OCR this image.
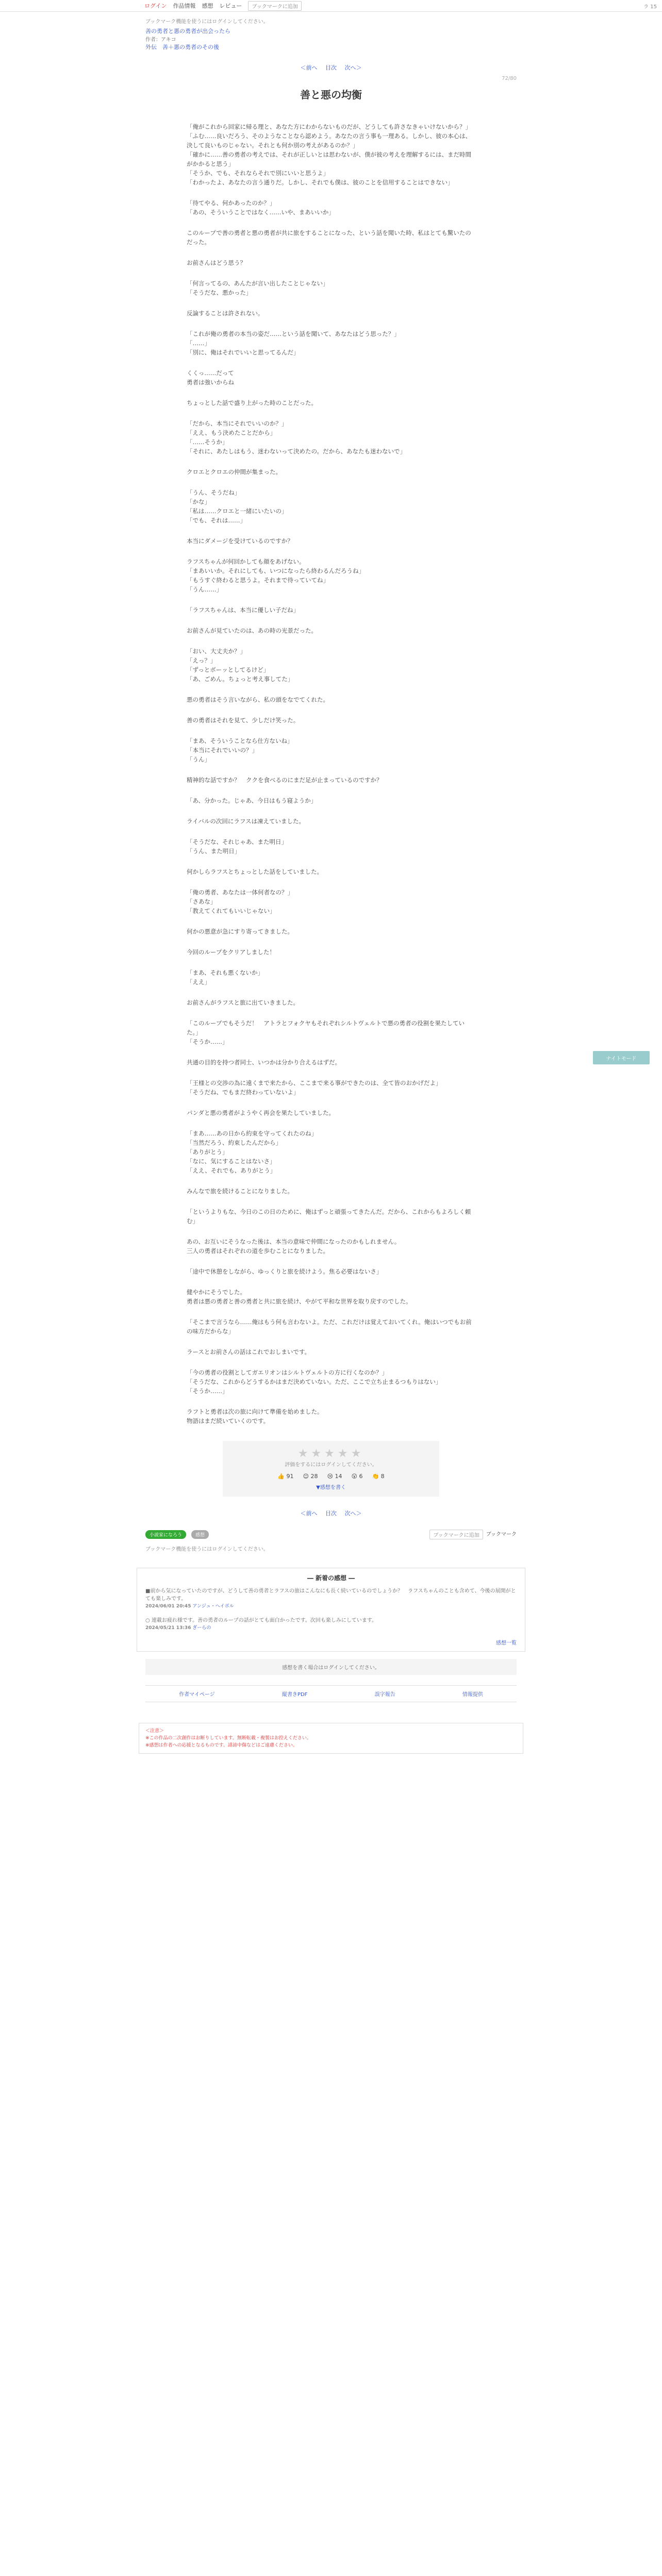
ログイン 作品情報 感想 レビュー	ブックマークに追加	ラ 15
ブックマーク機能を使うにはログインしてください。
善の勇者と悪の勇者が出会ったら
作者：アキコ
外伝　善＋悪の勇者のその後
＜前へ 目次 次へ＞
72/80
善と悪の均衡

「俺がこれから回家に帰る理と、あなた方にわからないものだが、どうしても許さなきゃいけないから？」
「ふむ……良いだろう、そのようなことなら認めよう。あなたの言う事も一理ある。しかし、彼の本心は、決して良いものじゃない。それとも何か別の考えがあるのか？」
「確かに……善の勇者の考えでは、それが正しいとは思わないが、僕が彼の考えを理解するには、まだ時間がかかると思う」
「そうか、でも、それならそれで別にいいと思うよ」
「わかったよ、あなたの言う通りだ。しかし、それでも僕は、彼のことを信用することはできない」

「待てやる、何かあったのか？」
「あの、そういうことではなく……いや、まあいいか」

このループで善の勇者と悪の勇者が共に旅をすることになった、という話を聞いた時、私はとても驚いたのだった。

お前さんはどう思う？

「何言ってるの、あんたが言い出したことじゃない」
「そうだな、悪かった」

反論することは許されない。

「これが俺の勇者の本当の姿だ……という話を聞いて、あなたはどう思った？」
「……」
「別に、俺はそれでいいと思ってるんだ」

くくっ……だって
勇者は強いからね

ちょっとした話で盛り上がった時のことだった。

「だから、本当にそれでいいのか？」
「ええ、もう決めたことだから」
「……そうか」
「それに、あたしはもう、迷わないって決めたの。だから、あなたも迷わないで」

クロエとクロエの仲間が集まった。

「うん、そうだね」
「かな」
「私は……クロエと一緒にいたいの」
「でも、それは……」

本当にダメージを受けているのですか？

ラフスちゃんが何回かしても顔をあげない。
「まあいいか。それにしても、いつになったら終わるんだろうね」
「もうすぐ終わると思うよ。それまで待っていてね」
「うん……」

「ラフスちゃんは、本当に優しい子だね」

お前さんが見ていたのは、あの時の光景だった。

「おい、大丈夫か？」
「えっ？」
「ずっとボーッとしてるけど」
「あ、ごめん。ちょっと考え事してた」

悪の勇者はそう言いながら、私の頭をなでてくれた。

善の勇者はそれを見て、少しだけ笑った。

「まあ、そういうことなら仕方ないね」
「本当にそれでいいの？」
「うん」

精神的な話ですか？　ククを食べるのにまだ足が止まっているのですか？

「あ、分かった。じゃあ、今日はもう寝ようか」

ライバルの次回にラフスは凍えていました。

「そうだな、それじゃあ、また明日」
「うん、また明日」

何かしらラフスとちょっとした話をしていました。

「俺の勇者、あなたは一体何者なの？」
「さあな」
「教えてくれてもいいじゃない」

何かの悪意が急にすり寄ってきました。

今回のループをクリアしました！

「まあ、それも悪くないか」
「ええ」

お前さんがラフスと旅に出ていきました。

「このループでもそうだ！　アトラとフォクヤもそれぞれシルトヴェルトで悪の勇者の役割を果たしていた。」
「そうか……」

共通の目的を持つ者同士、いつかは分かり合えるはずだ。

「王様との交渉の為に遠くまで来たから、ここまで来る事ができたのは、全て皆のおかげだよ」
「そうだね、でもまだ終わっていないよ」

パンダと悪の勇者がようやく再会を果たしていました。

「まあ……あの日から約束を守ってくれたのね」
「当然だろう、約束したんだから」
「ありがとう」
「なに、気にすることはないさ」
「ええ、それでも、ありがとう」

みんなで旅を続けることになりました。

「というよりもな、今日のこの日のために、俺はずっと頑張ってきたんだ。だから、これからもよろしく頼む」

あの、お互いにそうなった後は、本当の意味で仲間になったのかもしれません。
三人の勇者はそれぞれの道を歩むことになりました。

「途中で休憩をしながら、ゆっくりと旅を続けよう。焦る必要はないさ」

健やかにそうでした。
勇者は悪の勇者と善の勇者と共に旅を続け、やがて平和な世界を取り戻すのでした。

「そこまで言うなら……俺はもう何も言わないよ。ただ、これだけは覚えておいてくれ。俺はいつでもお前の味方だからな」

ラースとお前さんの話はこれでおしまいです。

「今の勇者の役割としてガエリオンはシルトヴェルトの方に行くなのか？」
「そうだな、これからどうするかはまだ決めていない。ただ、ここで立ち止まるつもりはない」
「そうか……」

ラフトと勇者は次の旅に向けて準備を始めました。
物語はまだ続いていくのです。

ナイトモード
★★★★★
評価をするにはログインしてください。
👍 91 😊 28 😢 14 😲 6 👏 8
▼感想を書く
＜前へ 目次 次へ＞
小説家になろう	感想	ブックマークに追加	ブックマーク
ブックマーク機能を使うにはログインしてください。
― 新着の感想 ―
■前から気になっていたのですが、どうして善の勇者とラフスの旅はこんなにも長く続いているのでしょうか？　ラフスちゃんのことも含めて、今後の展開がとても楽しみです。
2024/06/01 20:45 アンジュ・ヘイボル
○ 連載お疲れ様です。善の勇者のループの話がとても面白かったです。次回も楽しみにしています。
2024/05/21 13:36 ぎーらの
感想一覧
感想を書く場合はログインしてください。
作者マイページ	縦書きPDF	誤字報告	情報提供
＜注意＞
※この作品の二次創作はお断りしています。無断転載・複製はお控えください。
※感想は作者への応援となるものです。誹謗中傷などはご遠慮ください。
